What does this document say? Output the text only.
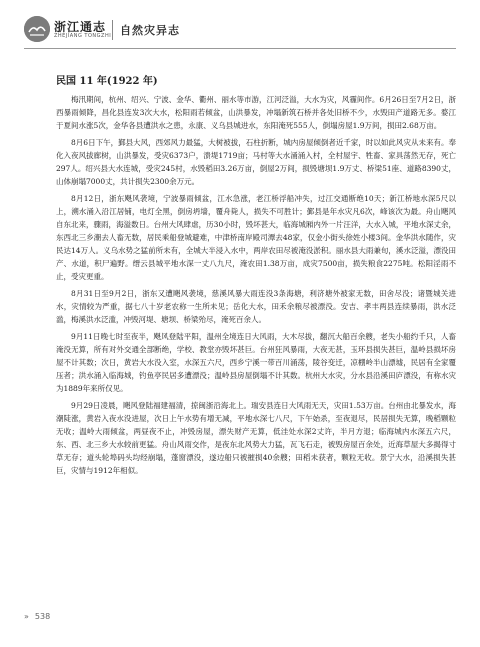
浙江通志
ZHEJIANG TONGZHI 自然灾异志
民国 11 年(1922 年)

梅汛期间，杭州、绍兴、宁波、金华、衢州、丽水等市游，江河泛溢，大水为灾，风霾间作。6月26日至7月2日，浙西暴雨倾降，昌化县连发3次大水，松阳雨若倾盆，山洪暴发，冲塌新筑石桥并各处旧桥不少，水毁田产道路无多。婺江于夏间水涨5次，金华各县遭洪水之患，永康、义乌县城进水，东阳淹死555人，倒塌房屋1.9万间，损田2.68万亩。

8月6日下午，鄞县大风，西郊风力最猛，大树被拔，石柱折断，城内房屋倾倒者近千家，时以如此风灾从未来有。奉化入夜风拔廊树，山洪暴发，受灾6373户，溃堤1719亩；马村等大水涌涌入村，全村屋宇、牲畜、家具荡然无存，死亡297人。绍兴县大水连城，受灾245村，水毁稻田3.26万亩，倒屋2万间，损毁塘坝1.9万丈、桥梁51座、道路8390丈，山体崩塌7000丈，共计损失2300余万元。

8月12日，浙东飓风袭境，宁波暴雨倾盆，江水急涨，老江桥浮船冲失，过江交通断绝10天；新江桥地水深5尺以上，溯水涌入沿江居铺，电灯全黑，倒房坍墙，覆舟毙人，损失不可胜计；鄞县是年水灾凡6次，峰该次为最。舟山飓风自东北来，骤雨，海溢数日。台州大风肆虐，历30小时，毁坏甚大，临海城厢内外一片汪洋，大水入城，平地水深丈余，东西北三乡潮去人畜无数，居民乘船登城避难，中津桥南岸殿司潭去48家，仅金小街头徐姓小楼3间。金华洪水随作，灾民达14万人。义乌水势之猛前所未有，全城大半浸入水中，两岸农田尽被淹没淤积。丽水县大雨兼旬，溪水泛溢，漂没田产、水道，积尸遍野。缙云县城平地水深一丈八九尺，淹农田1.38万亩，成灾7500亩，损失粮食2275吨。松阳淫雨不止，受灾更重。

8月31日至9月2日，浙东又遭飓风袭境，慈溪风暴大雨连没3条海塘，利济塘外被家无数，田舍尽没；诸暨城关进水，灾情较为严重，据七八十岁老农称一生所未见；岳化大水，田禾余粮尽被漂没。安吉、孝丰两县连续暴雨，洪水泛滥，梅溪洪水泛滥，冲毁河堤、塘坝、桥梁殆尽，淹死百余人。

9月11日晚七时至夜半，飓风登陆平阳，温州全境连日大风雨，大木尽拔，翻沉大船百余艘，老失小船约千只，人畜淹没无算，所有对外交通全部断绝，学校、教堂亦毁坏甚巨。台州狂风暴雨，大夜无甚，玉环县损失甚巨，温岭县损坏房屋不计其数；次日，黄岩大水没入室，水深五六尺，西乡宁溪一带百川涌荡，陵谷变迁，凉棚岭半山漂墟，民居有全家覆压者；洪水涌入临海城，钓鱼亭民居多遭漂没；温岭县房屋倒塌不计其数。杭州大水灾，分水县沿溪田庐漂没，有称水灾为1889年来所仅见。

9月29日凌晨，飓风登陆福建福清，掠闽浙沿海北上。瑞安县连日大风雨无天，灾田1.53万亩。台州由北暴发水，海潮陡涨，黄岩入夜水没进屋，次日上午水势有增无减，平地水深七八尺，下午始杀，至夜退尽，民居损失无算，晚稻颗粒无收；温岭大雨倾盆，两昼夜不止，冲毁房屋，漂失财产无算，低洼处水深2丈许，半月方退；临海城内水深五六尺，东、西、北三乡大水较前更猛。舟山风雨交作，是夜东北风势大力猛，瓦飞石走，被毁房屋百余处，近海草屋大多揭得寸草无存；道头轮埠码头均经崩塌，蓬窗漂没，遂边船只被摧损40余艘；田稻未获者，颗粒无收。景宁大水，沿溪损失甚巨，灾情与1912年相似。

» 538
